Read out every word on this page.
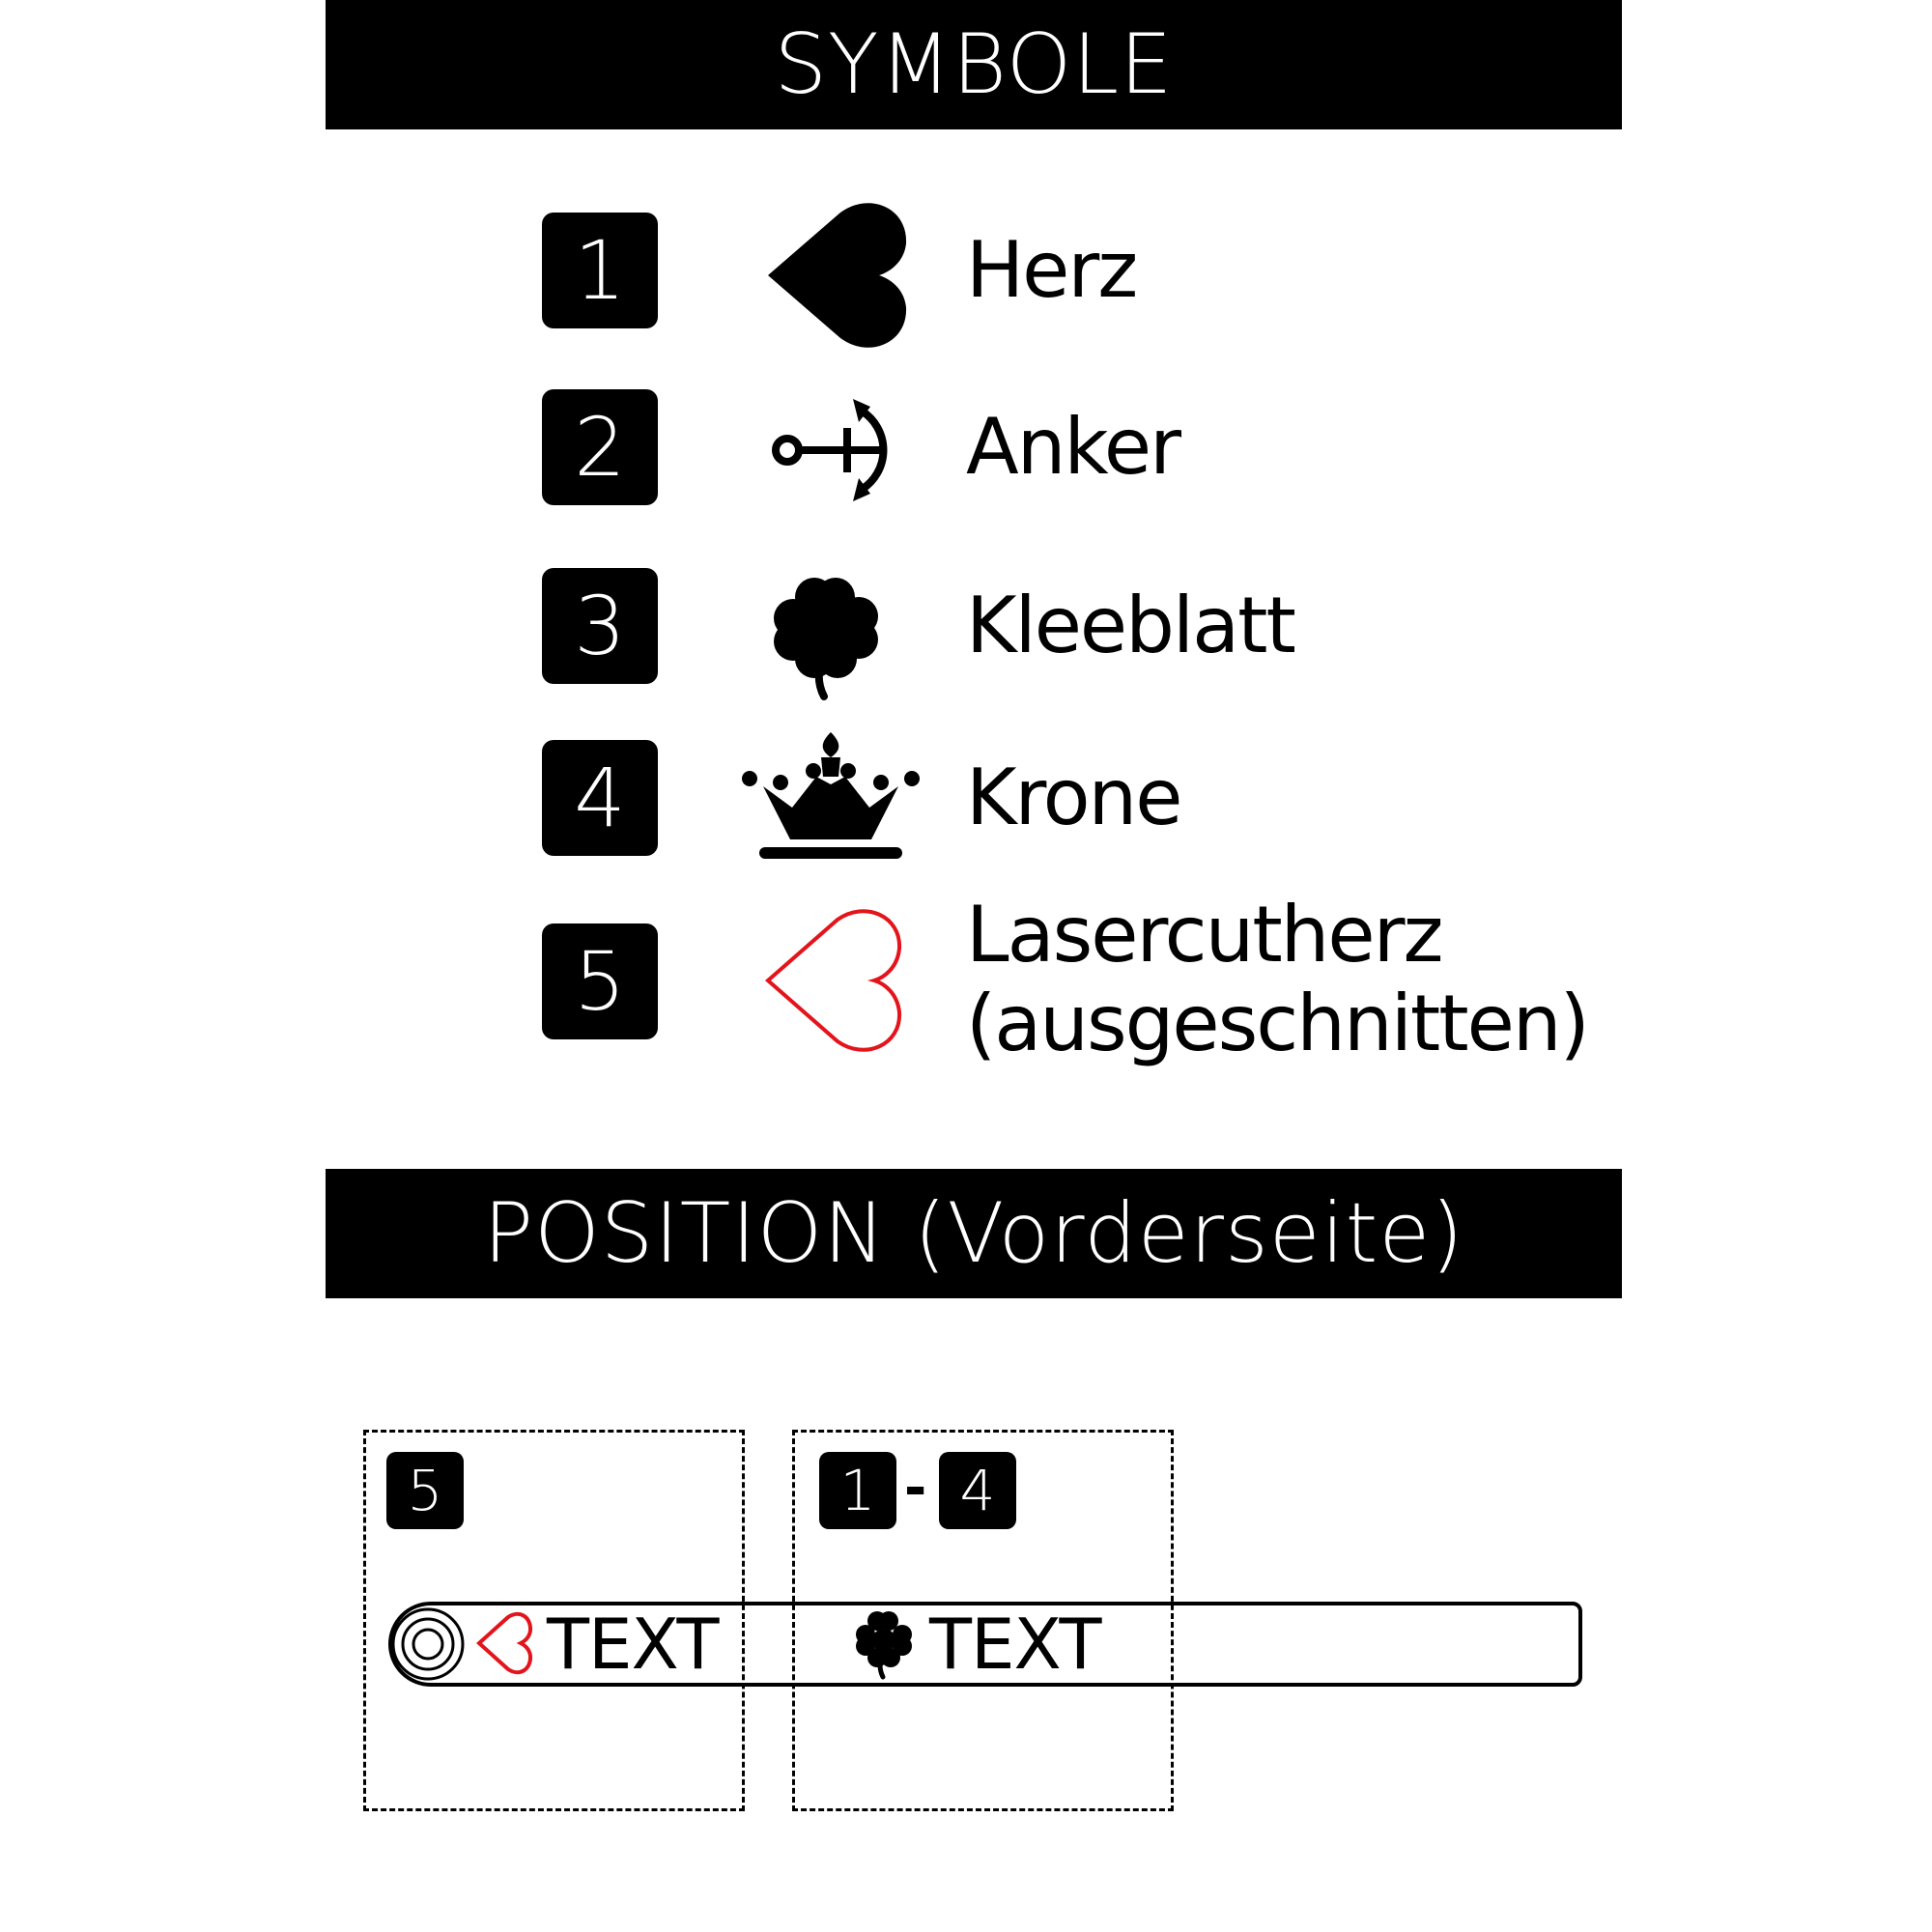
SYMBOLE
1	Herz
2	Anker
3	Kleeblatt
4	Krone
5	Lasercutherz
(ausgeschnitten)
POSITION (Vorderseite)
5	1 - 4
TEXT	TEXT
